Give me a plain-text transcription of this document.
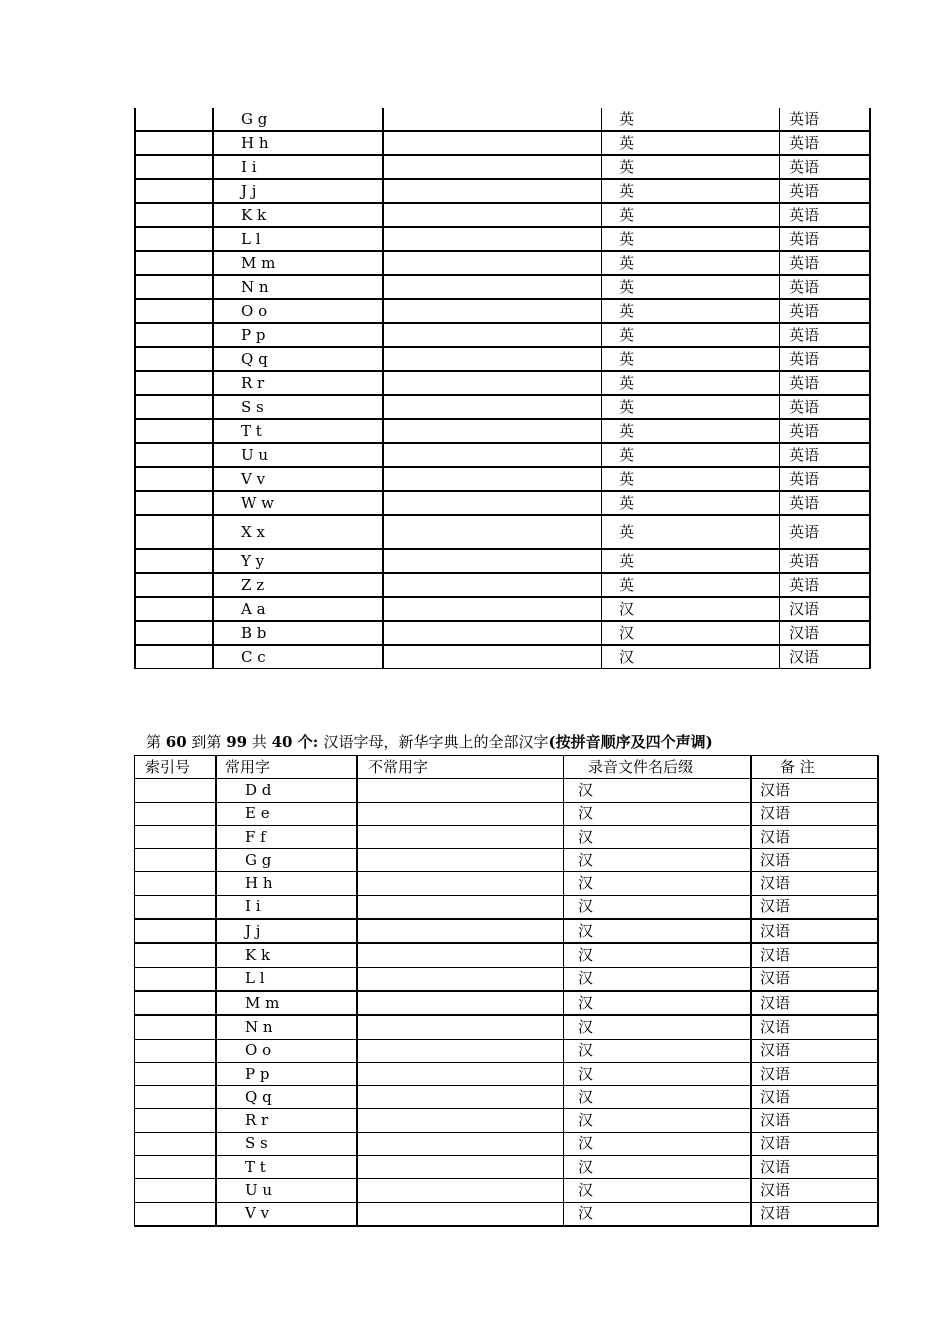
	G g		英	英语
	H h		英	英语
	I i		英	英语
	J j		英	英语
	K k		英	英语
	L l		英	英语
	M m		英	英语
	N n		英	英语
	O o		英	英语
	P p		英	英语
	Q q		英	英语
	R r		英	英语
	S s		英	英语
	T t		英	英语
	U u		英	英语
	V v		英	英语
	W w		英	英语
	X x		英	英语
	Y y		英	英语
	Z z		英	英语
	A a		汉	汉语
	B b		汉	汉语
	C c		汉	汉语
第 60 到第 99 共 40 个: 汉语字母，新华字典上的全部汉字(按拼音顺序及四个声调)
索引号	常用字	不常用字	录音文件名后缀	备 注
	D d		汉	汉语
	E e		汉	汉语
	F f		汉	汉语
	G g		汉	汉语
	H h		汉	汉语
	I i		汉	汉语
	J j		汉	汉语
	K k		汉	汉语
	L l		汉	汉语
	M m		汉	汉语
	N n		汉	汉语
	O o		汉	汉语
	P p		汉	汉语
	Q q		汉	汉语
	R r		汉	汉语
	S s		汉	汉语
	T t		汉	汉语
	U u		汉	汉语
	V v		汉	汉语
